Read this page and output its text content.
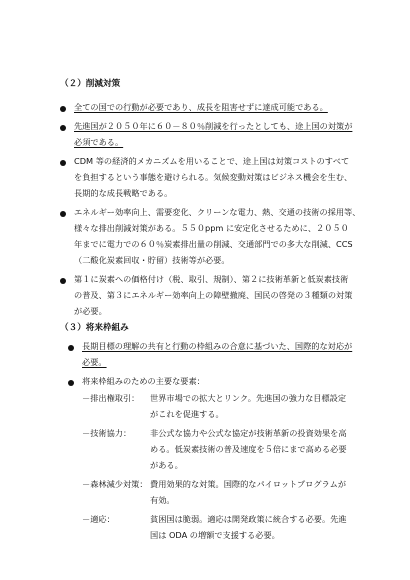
（２）削減対策
全ての国での行動が必要であり、成長を阻害せずに達成可能である。
先進国が２０５０年に６０－８０％削減を行ったとしても、途上国の対策が
必須である。
CDM 等の経済的メカニズムを用いることで、途上国は対策コストのすべて
を負担するという事態を避けられる。気候変動対策はビジネス機会を生む、
長期的な成長戦略である。
エネルギー効率向上、需要変化、クリーンな電力、熱、交通の技術の採用等、
様々な排出削減対策がある。５５０ppm に安定化させるために、２０５０
年までに電力での６０％炭素排出量の削減、交通部門での多大な削減、CCS
（二酸化炭素回収・貯留）技術等が必要。
第１に炭素への価格付け（税、取引、規制）、第２に技術革新と低炭素技術
の普及、第３にエネルギー効率向上の障壁撤廃、国民の啓発の３種類の対策
が必要。
（３）将来枠組み
長期目標の理解の共有と行動の枠組みの合意に基づいた、国際的な対応が
必要。
将来枠組みのための主要な要素：
－排出権取引： 世界市場での拡大とリンク。先進国の強力な目標設定
がこれを促進する。
－技術協力： 非公式な協力や公式な協定が技術革新の投資効果を高
める。低炭素技術の普及速度を５倍にまで高める必要
がある。
－森林減少対策： 費用効果的な対策。国際的なパイロットプログラムが
有効。
－適応：	貧困国は脆弱。適応は開発政策に統合する必要。先進
国は ODA の増額で支援する必要。
